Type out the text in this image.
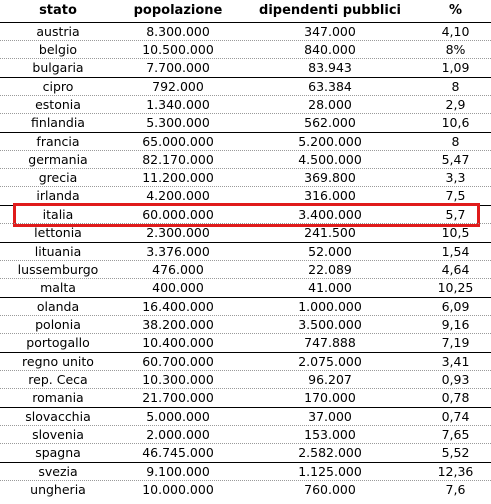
stato	popolazione	dipendenti pubblici	%
austria	8.300.000	347.000	4,10
belgio	10.500.000	840.000	8%
bulgaria	7.700.000	83.943	1,09
cipro	792.000	63.384	8
estonia	1.340.000	28.000	2,9
finlandia	5.300.000	562.000	10,6
francia	65.000.000	5.200.000	8
germania	82.170.000	4.500.000	5,47
grecia	11.200.000	369.800	3,3
irlanda	4.200.000	316.000	7,5
italia	60.000.000	3.400.000	5,7
lettonia	2.300.000	241.500	10,5
lituania	3.376.000	52.000	1,54
lussemburgo	476.000	22.089	4,64
malta	400.000	41.000	10,25
olanda	16.400.000	1.000.000	6,09
polonia	38.200.000	3.500.000	9,16
portogallo	10.400.000	747.888	7,19
regno unito	60.700.000	2.075.000	3,41
rep. Ceca	10.300.000	96.207	0,93
romania	21.700.000	170.000	0,78
slovacchia	5.000.000	37.000	0,74
slovenia	2.000.000	153.000	7,65
spagna	46.745.000	2.582.000	5,52
svezia	9.100.000	1.125.000	12,36
ungheria	10.000.000	760.000	7,6
